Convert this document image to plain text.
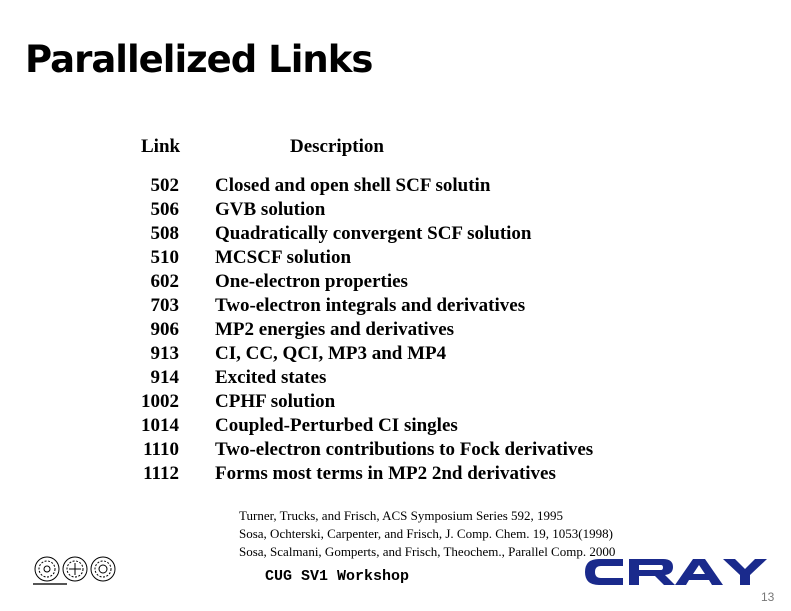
Parallelized Links
Link	Description
502 Closed and open shell SCF solutin
506 GVB solution
508 Quadratically convergent SCF solution
510 MCSCF solution
602 One-electron properties
703 Two-electron integrals and derivatives
906 MP2 energies and derivatives
913 CI, CC, QCI, MP3 and MP4
914 Excited states
1002 CPHF solution
1014 Coupled-Perturbed CI singles
1110 Two-electron contributions to Fock derivatives
1112 Forms most terms in MP2 2nd derivatives
Turner, Trucks, and Frisch, ACS Symposium Series 592, 1995
Sosa, Ochterski, Carpenter, and Frisch, J. Comp. Chem. 19, 1053(1998)
Sosa, Scalmani, Gomperts, and Frisch, Theochem., Parallel Comp. 2000
CUG SV1 Workshop
13
